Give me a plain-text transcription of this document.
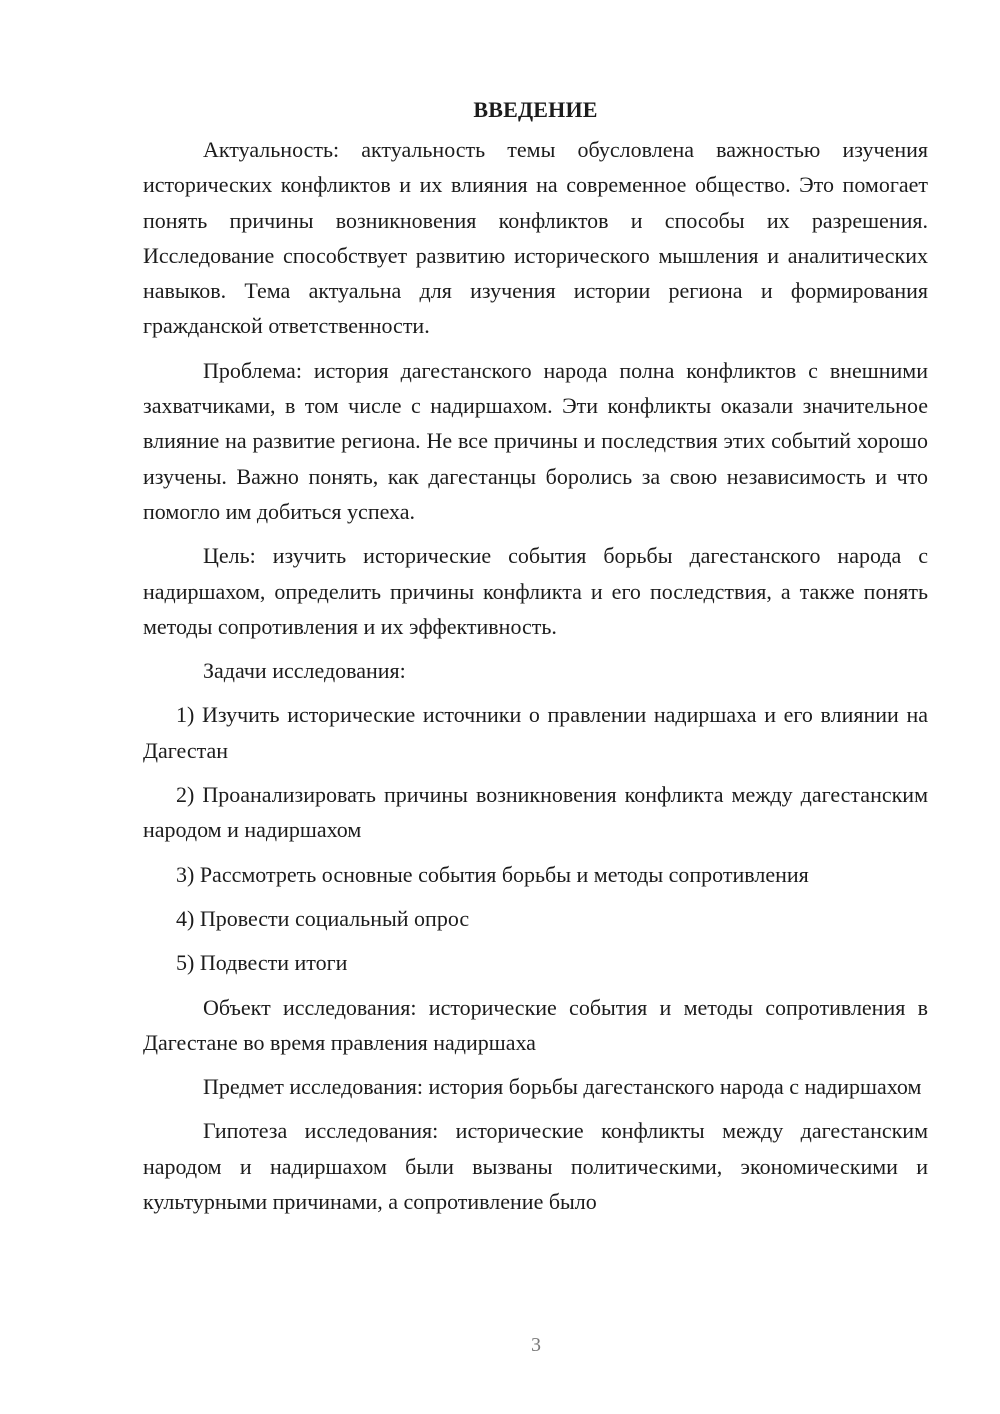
ВВЕДЕНИЕ

Актуальность: актуальность темы обусловлена важностью изучения исторических конфликтов и их влияния на современное общество. Это помогает понять причины возникновения конфликтов и способы их разрешения. Исследование способствует развитию исторического мышления и аналитических навыков. Тема актуальна для изучения истории региона и формирования гражданской ответственности.

Проблема: история дагестанского народа полна конфликтов с внешними захватчиками, в том числе с надиршахом. Эти конфликты оказали значительное влияние на развитие региона. Не все причины и последствия этих событий хорошо изучены. Важно понять, как дагестанцы боролись за свою независимость и что помогло им добиться успеха.

Цель: изучить исторические события борьбы дагестанского народа с надиршахом, определить причины конфликта и его последствия, а также понять методы сопротивления и их эффективность.

Задачи исследования:

1) Изучить исторические источники о правлении надиршаха и его влиянии на Дагестан

2) Проанализировать причины возникновения конфликта между дагестанским народом и надиршахом

3) Рассмотреть основные события борьбы и методы сопротивления

4) Провести социальный опрос

5) Подвести итоги

Объект исследования: исторические события и методы сопротивления в Дагестане во время правления надиршаха

Предмет исследования: история борьбы дагестанского народа с надиршахом

Гипотеза исследования: исторические конфликты между дагестанским народом и надиршахом были вызваны политическими, экономическими и культурными причинами, а сопротивление было

3
